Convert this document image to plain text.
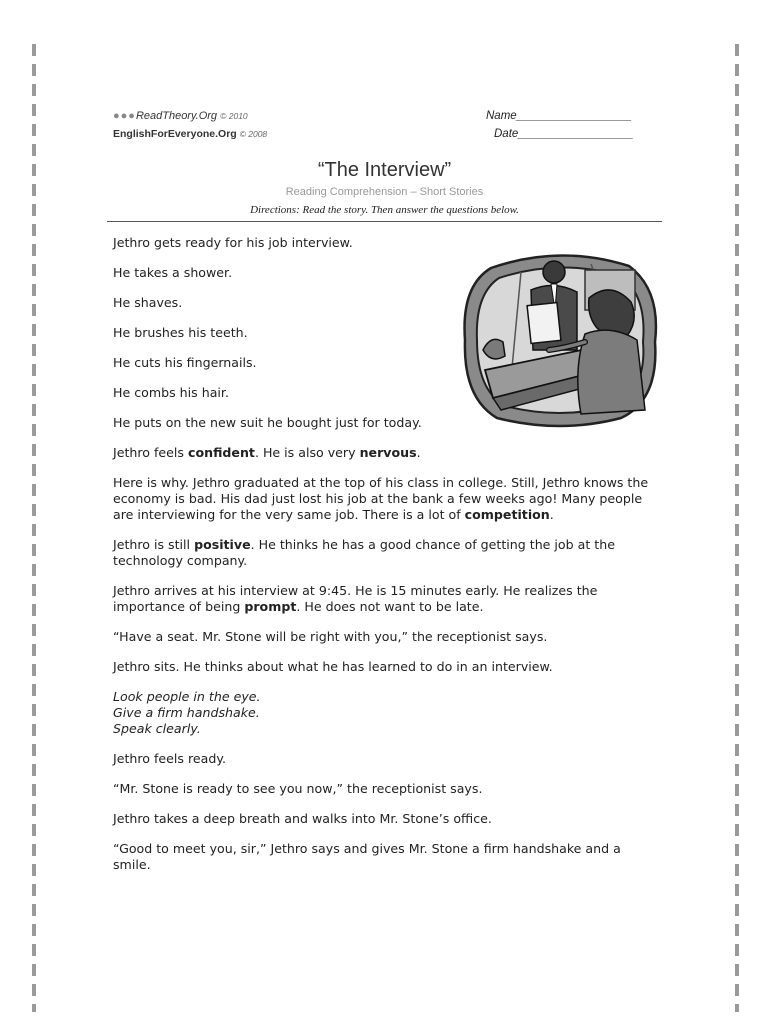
●●●ReadTheory.Org © 2010
EnglishForEveryone.Org © 2008
Name__________________
Date__________________
“The Interview”
Reading Comprehension – Short Stories
Directions: Read the story. Then answer the questions below.

Jethro gets ready for his job interview.

He takes a shower.

He shaves.

He brushes his teeth.

He cuts his fingernails.

He combs his hair.

He puts on the new suit he bought just for today.

Jethro feels confident. He is also very nervous.

Here is why. Jethro graduated at the top of his class in college. Still, Jethro knows the economy is bad. His dad just lost his job at the bank a few weeks ago! Many people are interviewing for the very same job. There is a lot of competition.

Jethro is still positive. He thinks he has a good chance of getting the job at the technology company.

Jethro arrives at his interview at 9:45. He is 15 minutes early. He realizes the importance of being prompt. He does not want to be late.

“Have a seat. Mr. Stone will be right with you,” the receptionist says.

Jethro sits. He thinks about what he has learned to do in an interview.

Look people in the eye.
Give a firm handshake.
Speak clearly.

Jethro feels ready.

“Mr. Stone is ready to see you now,” the receptionist says.

Jethro takes a deep breath and walks into Mr. Stone’s office.

“Good to meet you, sir,” Jethro says and gives Mr. Stone a firm handshake and a smile.
